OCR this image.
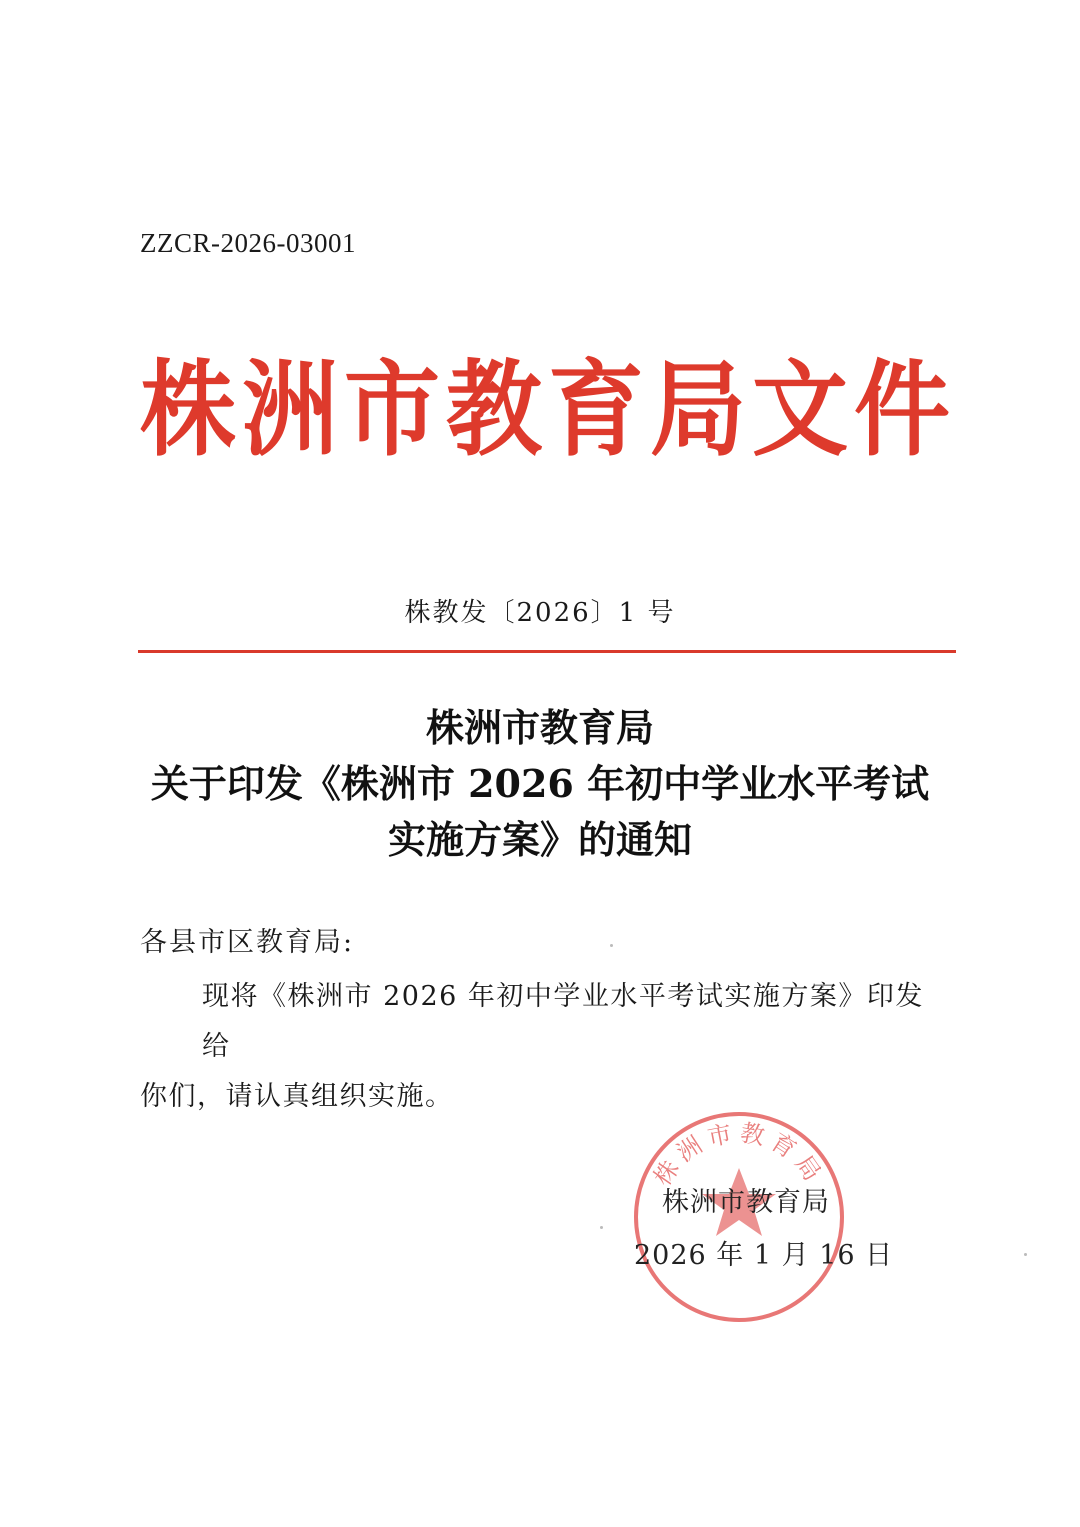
ZZCR-2026-03001
株 洲 市 教 育 局 文 件
株教发〔2026〕1 号
株洲市教育局
关于印发《株洲市 2026 年初中学业水平考试
实施方案》的通知
各县市区教育局:
现将《株洲市 2026 年初中学业水平考试实施方案》印发给
你们，请认真组织实施。
株洲市教育局
株洲市教育局
2026 年 1 月 16 日
